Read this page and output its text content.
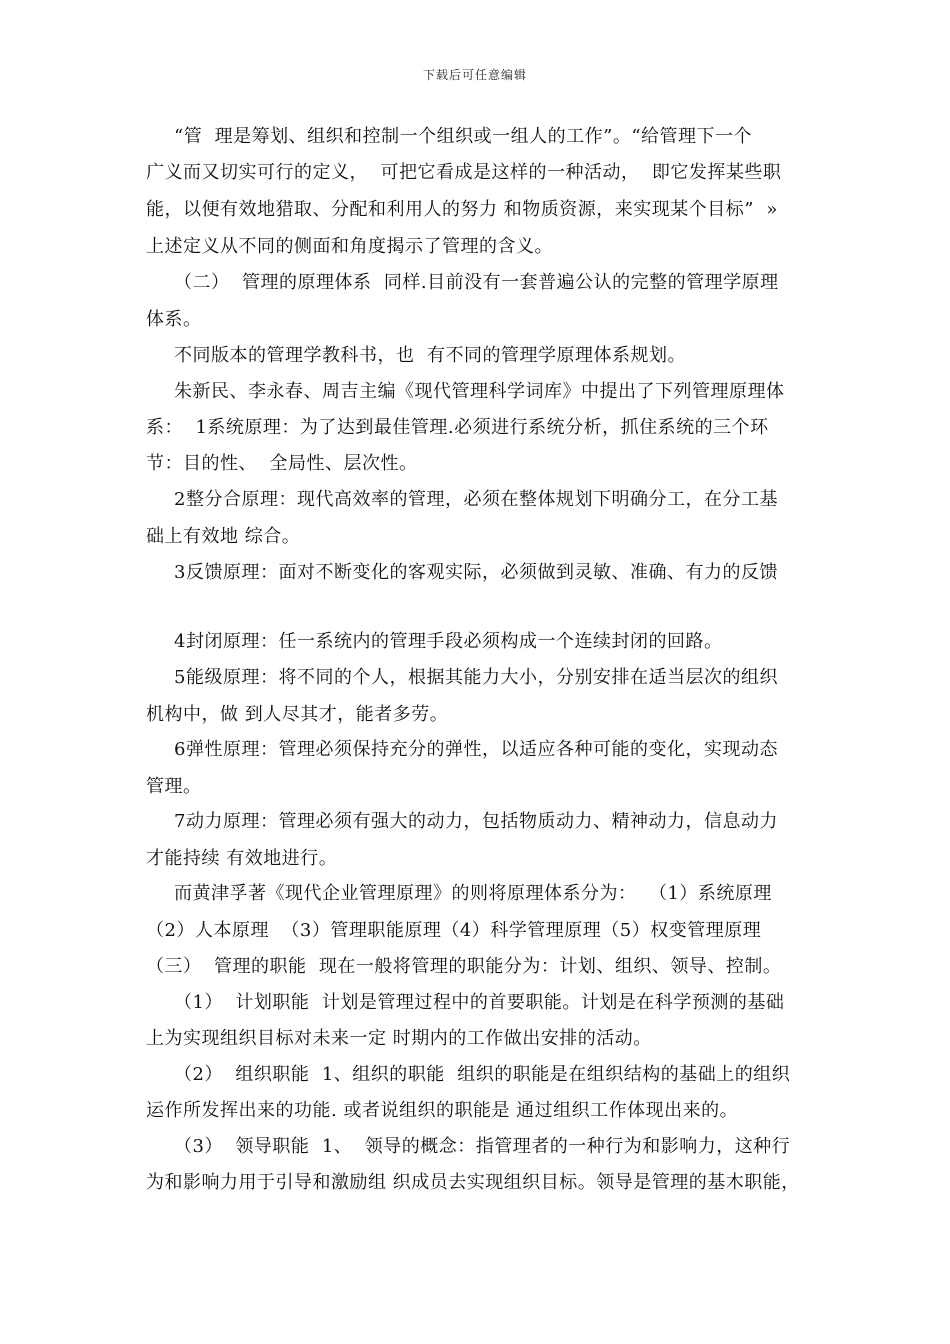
下载后可任意编辑
“管  理是筹划、组织和控制一个组织或一组人的工作”。“给管理下一个
广义而又切实可行的定义，  可把它看成是这样的一种活动，  即它发挥某些职
能，以便有效地猎取、分配和利用人的努力 和物质资源，来实现某个目标”  »
上述定义从不同的侧面和角度揭示了管理的含义。
（二）  管理的原理体系  同样.目前没有一套普遍公认的完整的管理学原理
体系。
不同版本的管理学教科书，也  有不同的管理学原理体系规划。
朱新民、李永春、周吉主编《现代管理科学词库》中提出了下列管理原理体
系：  1系统原理：为了达到最佳管理.必须进行系统分析，抓住系统的三个环
节：目的性、  全局性、层次性。
2整分合原理：现代高效率的管理，必须在整体规划下明确分工，在分工基
础上有效地 综合。
3反馈原理：面对不断变化的客观实际，必须做到灵敏、准确、有力的反馈
4封闭原理：任一系统内的管理手段必须构成一个连续封闭的回路。
5能级原理：将不同的个人，根据其能力大小，分别安排在适当层次的组织
机构中，做 到人尽其才，能者多劳。
6弹性原理：管理必须保持充分的弹性，以适应各种可能的变化，实现动态
管理。
7动力原理：管理必须有强大的动力，包括物质动力、精神动力，信息动力
才能持续 有效地进行。
而黄津孚著《现代企业管理原理》的则将原理体系分为：  （1）系统原理
（2）人本原理  （3）管理职能原理（4）科学管理原理（5）权变管理原理
（三）  管理的职能  现在一般将管理的职能分为：计划、组织、领导、控制。
（1）  计划职能  计划是管理过程中的首要职能。计划是在科学预测的基础
上为实现组织目标对未来一定 时期内的工作做出安排的活动。
（2）  组织职能  1、组织的职能  组织的职能是在组织结构的基础上的组织
运作所发挥出来的功能. 或者说组织的职能是 通过组织工作体现出来的。
（3）  领导职能  1、  领导的概念：指管理者的一种行为和影响力，这种行
为和影响力用于引导和激励组 织成员去实现组织目标。领导是管理的基木职能，
